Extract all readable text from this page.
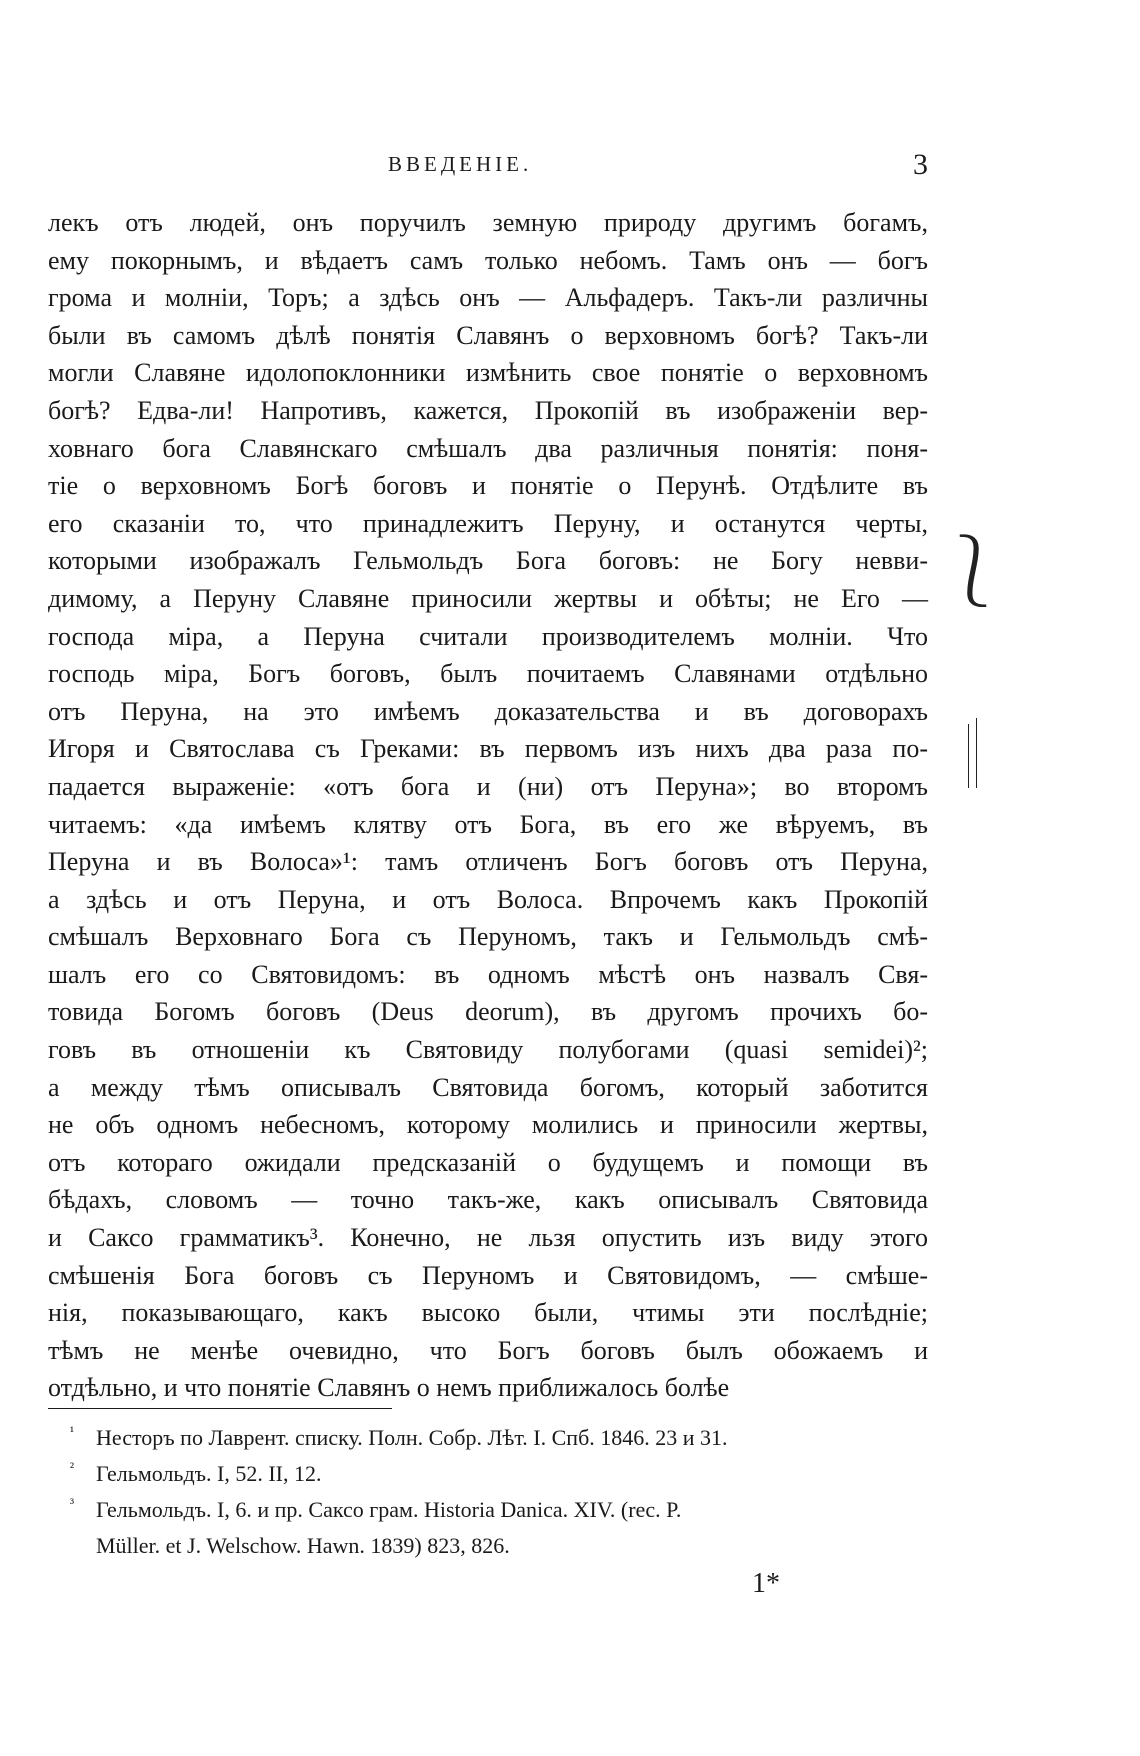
ВВЕДЕНІЕ.	3
лекъ отъ людей, онъ поручилъ земную природу другимъ богамъ,
ему покорнымъ, и вѣдаетъ самъ только небомъ. Тамъ онъ — богъ
грома и молніи, Торъ; а здѣсь онъ — Альфадеръ. Такъ-ли различны
были въ самомъ дѣлѣ понятія Славянъ о верховномъ богѣ? Такъ-ли
могли Славяне идолопоклонники измѣнить свое понятіе о верховномъ
богѣ? Едва-ли! Напротивъ, кажется, Прокопій въ изображеніи вер-
ховнаго бога Славянскаго смѣшалъ два различныя понятія: поня-
тіе о верховномъ Богѣ боговъ и понятіе о Перунѣ. Отдѣлите въ
его сказаніи то, что принадлежитъ Перуну, и останутся черты,
которыми изображалъ Гельмольдъ Бога боговъ: не Богу невви-
димому, а Перуну Славяне приносили жертвы и обѣты; не Его —
господа міра, а Перуна считали производителемъ молніи. Что
господь міра, Богъ боговъ, былъ почитаемъ Славянами отдѣльно
отъ Перуна, на это имѣемъ доказательства и въ договорахъ
Игоря и Святослава съ Греками: въ первомъ изъ нихъ два раза по-
падается выраженіе: «отъ бога и (ни) отъ Перуна»; во второмъ
читаемъ: «да имѣемъ клятву отъ Бога, въ его же вѣруемъ, въ
Перуна и въ Волоса»¹: тамъ отличенъ Богъ боговъ отъ Перуна,
а здѣсь и отъ Перуна, и отъ Волоса. Впрочемъ какъ Прокопій
смѣшалъ Верховнаго Бога съ Перуномъ, такъ и Гельмольдъ смѣ-
шалъ его со Святовидомъ: въ одномъ мѣстѣ онъ назвалъ Свя-
товида Богомъ боговъ (Deus deorum), въ другомъ прочихъ бо-
говъ въ отношеніи къ Святовиду полубогами (quasi semidei)²;
а между тѣмъ описывалъ Святовида богомъ, который заботится
не объ одномъ небесномъ, которому молились и приносили жертвы,
отъ котораго ожидали предсказаній о будущемъ и помощи въ
бѣдахъ, словомъ — точно такъ-же, какъ описывалъ Святовида
и Саксо грамматикъ³. Конечно, не льзя опустить изъ виду этого
смѣшенія Бога боговъ съ Перуномъ и Святовидомъ, — смѣше-
нія, показывающаго, какъ высоко были, чтимы эти послѣдніе;
тѣмъ не менѣе очевидно, что Богъ боговъ былъ обожаемъ и
отдѣльно, и что понятіе Славянъ о немъ приближалось болѣе
¹ Несторъ по Лаврент. списку. Полн. Собр. Лѣт. I. Спб. 1846. 23 и 31.
² Гельмольдъ. I, 52. II, 12.
³ Гельмольдъ. I, 6. и пр. Саксо грам. Historia Danica. XIV. (rec. P.
Müller. et J. Welschow. Hawn. 1839) 823, 826.
1*
⎱
